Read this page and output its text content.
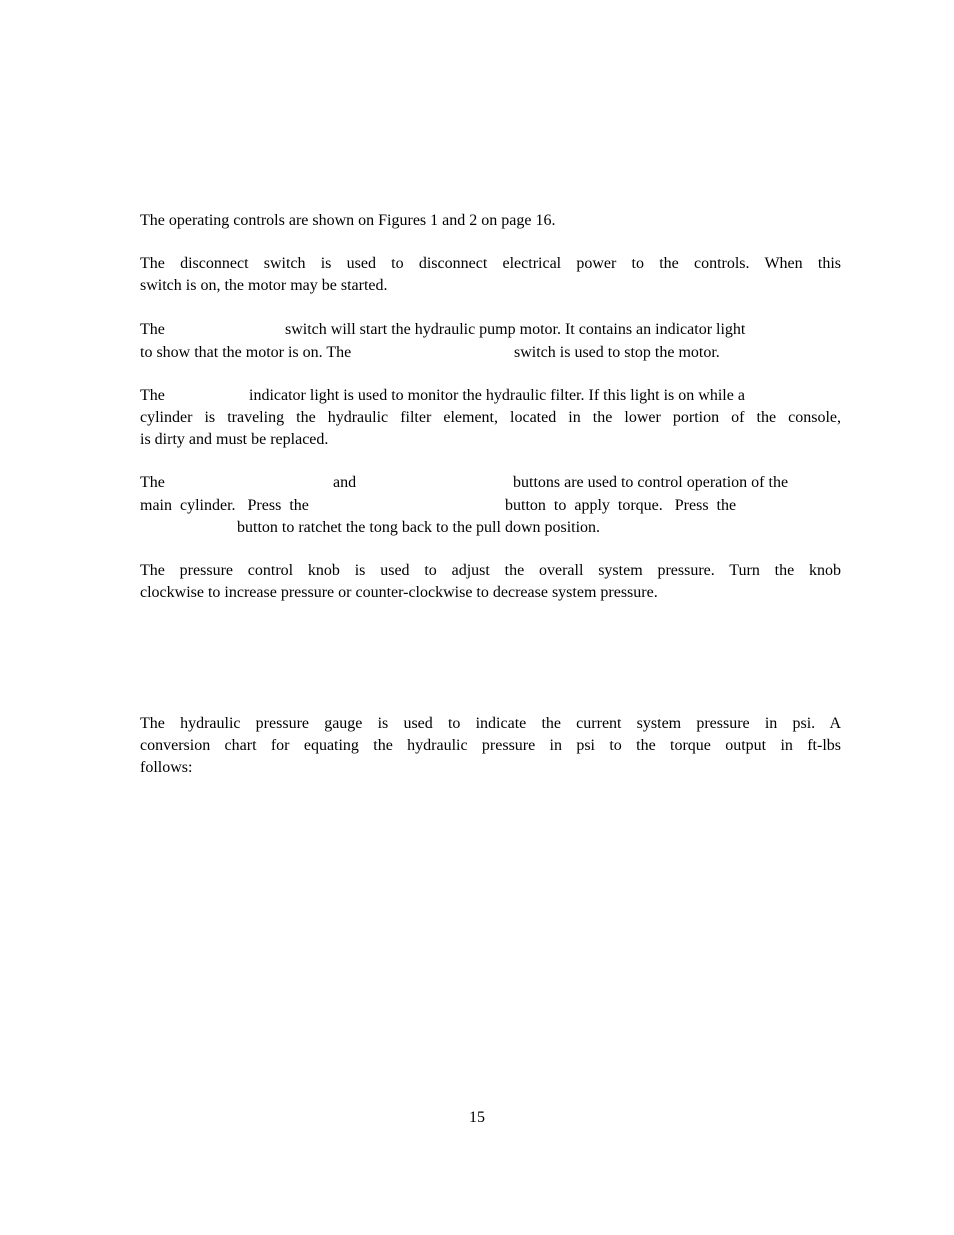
The operating controls are shown on Figures 1 and 2 on page 16.
The disconnect switch is used to disconnect electrical power to the controls. When this
switch is on, the motor may be started.
The	switch will start the hydraulic pump motor. It contains an indicator light
to show that the motor is on. The	switch is used to stop the motor.
The	indicator light is used to monitor the hydraulic filter. If this light is on while a
cylinder is traveling the hydraulic filter element, located in the lower portion of the console,
is dirty and must be replaced.
The	and	buttons are used to control operation of the
main  cylinder.   Press  the	button  to  apply  torque.   Press  the
button to ratchet the tong back to the pull down position.
The pressure control knob is used to adjust the overall system pressure. Turn the knob
clockwise to increase pressure or counter-clockwise to decrease system pressure.
The hydraulic pressure gauge is used to indicate the current system pressure in psi. A
conversion chart for equating the hydraulic pressure in psi to the torque output in ft-lbs
follows:
15
